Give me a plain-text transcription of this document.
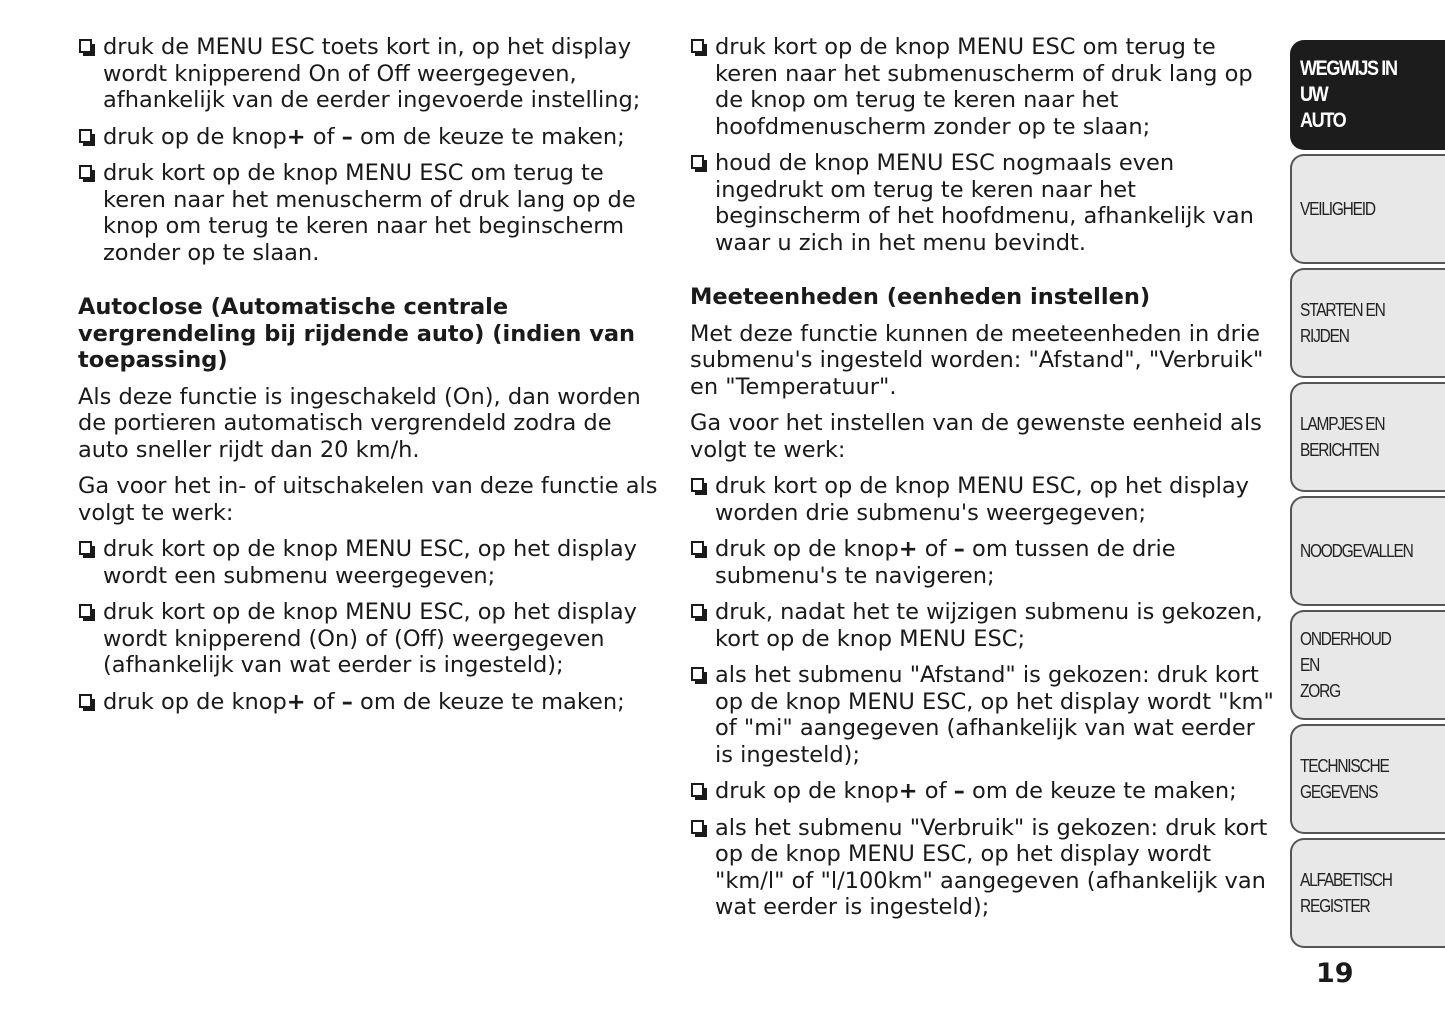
druk de MENU ESC toets kort in, op het display wordt knipperend On of Off weergegeven, afhankelijk van de eerder ingevoerde instelling;
druk op de knop+ of – om de keuze te maken;
druk kort op de knop MENU ESC om terug te keren naar het menuscherm of druk lang op de knop om terug te keren naar het beginscherm zonder op te slaan.
Autoclose (Automatische centrale vergrendeling bij rijdende auto) (indien van toepassing)
Als deze functie is ingeschakeld (On), dan worden de portieren automatisch vergrendeld zodra de auto sneller rijdt dan 20 km/h.
Ga voor het in- of uitschakelen van deze functie als volgt te werk:
druk kort op de knop MENU ESC, op het display wordt een submenu weergegeven;
druk kort op de knop MENU ESC, op het display wordt knipperend (On) of (Off) weergegeven (afhankelijk van wat eerder is ingesteld);
druk op de knop+ of – om de keuze te maken;
druk kort op de knop MENU ESC om terug te keren naar het submenuscherm of druk lang op de knop om terug te keren naar het hoofdmenuscherm zonder op te slaan;
houd de knop MENU ESC nogmaals even ingedrukt om terug te keren naar het beginscherm of het hoofdmenu, afhankelijk van waar u zich in het menu bevindt.
Meeteenheden (eenheden instellen)
Met deze functie kunnen de meeteenheden in drie submenu's ingesteld worden: "Afstand", "Verbruik" en "Temperatuur".
Ga voor het instellen van de gewenste eenheid als volgt te werk:
druk kort op de knop MENU ESC, op het display worden drie submenu's weergegeven;
druk op de knop+ of – om tussen de drie submenu's te navigeren;
druk, nadat het te wijzigen submenu is gekozen, kort op de knop MENU ESC;
als het submenu "Afstand" is gekozen: druk kort op de knop MENU ESC, op het display wordt "km" of "mi" aangegeven (afhankelijk van wat eerder is ingesteld);
druk op de knop+ of – om de keuze te maken;
als het submenu "Verbruik" is gekozen: druk kort op de knop MENU ESC, op het display wordt "km/l" of "l/100km" aangegeven (afhankelijk van wat eerder is ingesteld);
WEGWIJS IN UW
AUTO
VEILIGHEID
STARTEN EN RIJDEN
LAMPJES EN
BERICHTEN
NOODGEVALLEN
ONDERHOUD EN
ZORG
TECHNISCHE
GEGEVENS
ALFABETISCH
REGISTER
19
